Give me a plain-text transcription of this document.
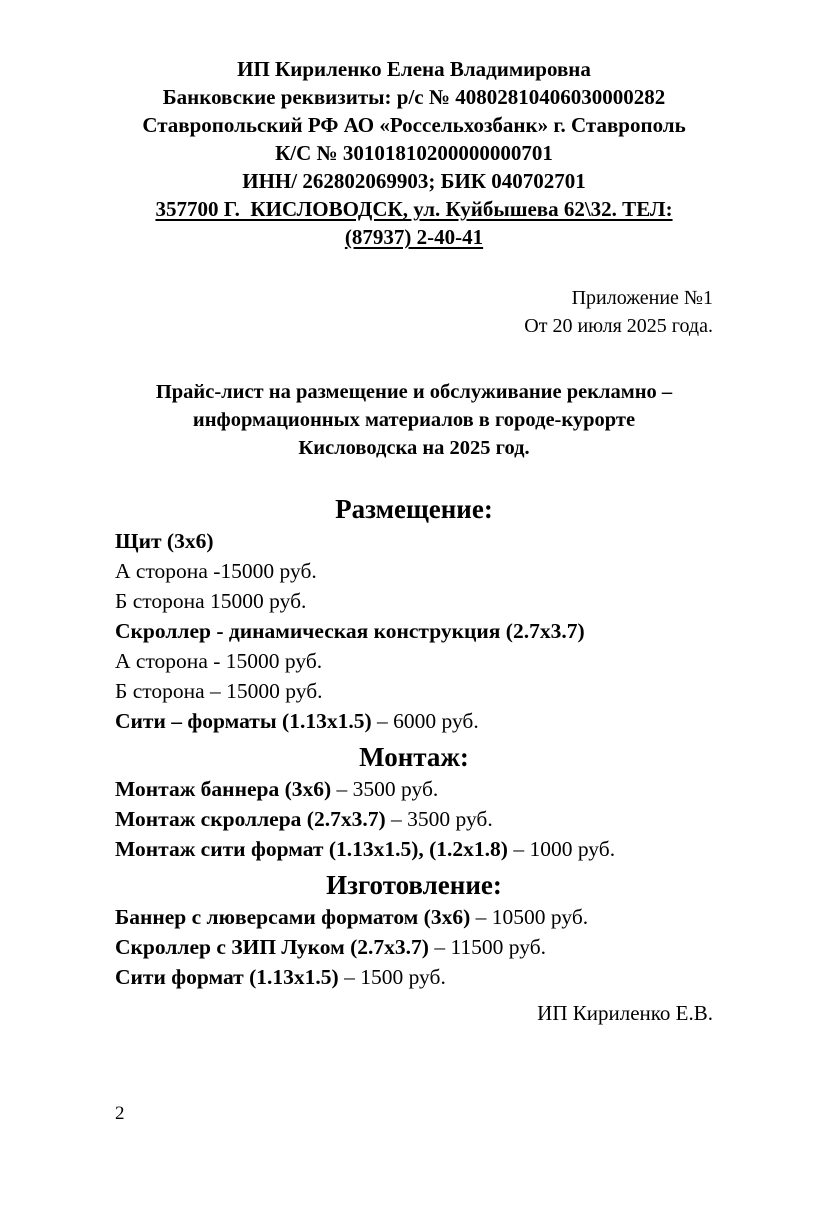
ИП Кириленко Елена Владимировна

Банковские реквизиты: р/с № 40802810406030000282

Ставропольский РФ АО «Россельхозбанк» г. Ставрополь

К/С № 30101810200000000701

ИНН/ 262802069903; БИК 040702701

357700 Г.  КИСЛОВОДСК, ул. Куйбышева 62\32. ТЕЛ:

(87937) 2-40-41

Приложение №1

От 20 июля 2025 года.

Прайс-лист на размещение и обслуживание рекламно –

информационных материалов в городе-курорте

Кисловодска на 2025 год.

Размещение:

Щит (3x6)

А сторона -15000 руб.

Б сторона 15000 руб.

Скроллер - динамическая конструкция (2.7x3.7)

А сторона - 15000 руб.

Б сторона – 15000 руб.

Сити – форматы (1.13x1.5) – 6000 руб.

Монтаж:

Монтаж баннера (3x6) – 3500 руб.

Монтаж скроллера (2.7x3.7) – 3500 руб.

Монтаж сити формат (1.13x1.5), (1.2x1.8) – 1000 руб.

Изготовление:

Баннер с люверсами форматом (3x6) – 10500 руб.

Скроллер с ЗИП Луком (2.7x3.7) – 11500 руб.

Сити формат (1.13x1.5) – 1500 руб.

ИП Кириленко Е.В.

2
